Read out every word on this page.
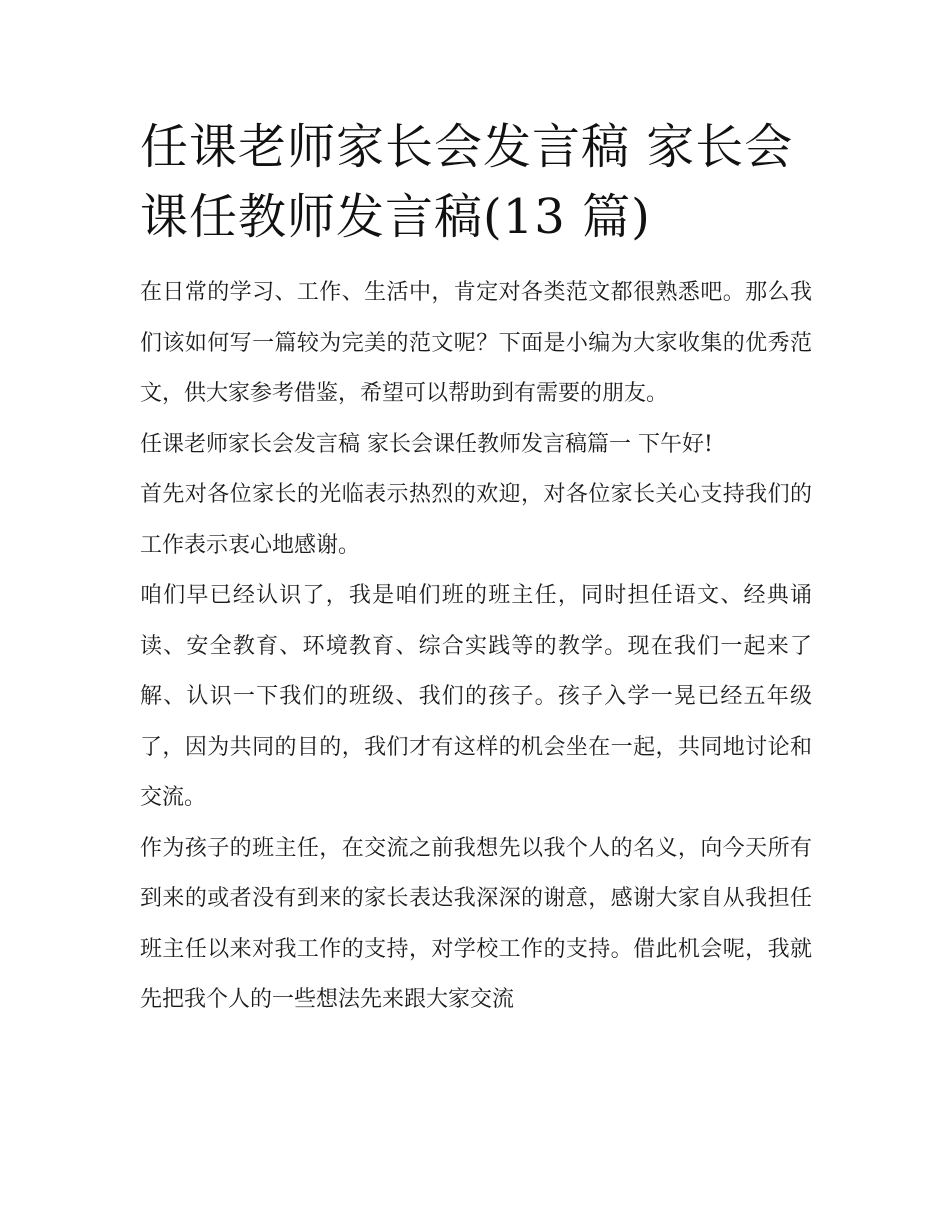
任课老师家长会发言稿 家长会课任教师发言稿(13 篇)

在日常的学习、工作、生活中，肯定对各类范文都很熟悉吧。那么我们该如何写一篇较为完美的范文呢？下面是小编为大家收集的优秀范文，供大家参考借鉴，希望可以帮助到有需要的朋友。

任课老师家长会发言稿 家长会课任教师发言稿篇一 下午好!

首先对各位家长的光临表示热烈的欢迎，对各位家长关心支持我们的工作表示衷心地感谢。

咱们早已经认识了，我是咱们班的班主任，同时担任语文、经典诵读、安全教育、环境教育、综合实践等的教学。现在我们一起来了解、认识一下我们的班级、我们的孩子。孩子入学一晃已经五年级了，因为共同的目的，我们才有这样的机会坐在一起，共同地讨论和交流。

作为孩子的班主任，在交流之前我想先以我个人的名义，向今天所有到来的或者没有到来的家长表达我深深的谢意，感谢大家自从我担任班主任以来对我工作的支持，对学校工作的支持。借此机会呢，我就先把我个人的一些想法先来跟大家交流
